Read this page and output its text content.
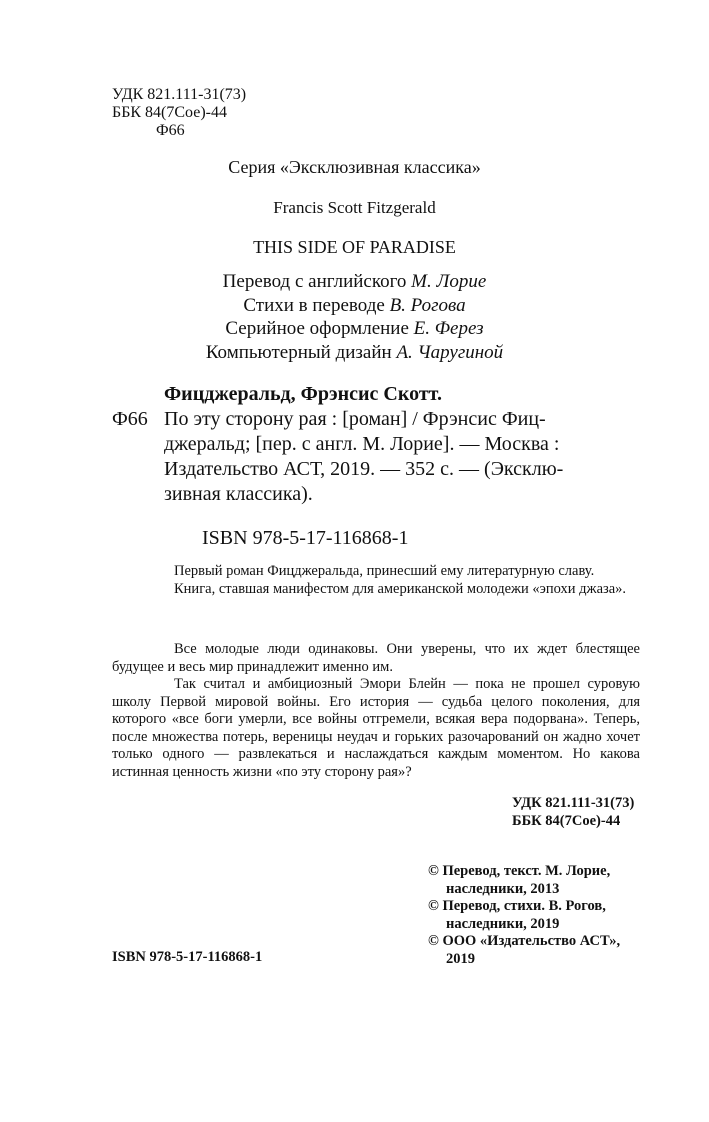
УДК 821.111-31(73)
ББК 84(7Сое)-44
Ф66
Серия «Эксклюзивная классика»
Francis Scott Fitzgerald
THIS SIDE OF PARADISE
Перевод с английского М. Лорие
Стихи в переводе В. Рогова
Серийное оформление Е. Ферез
Компьютерный дизайн А. Чаругиной
Фицджеральд, Фрэнсис Скотт.
Ф66 По эту сторону рая : [роман] / Фрэнсис Фиц-
джеральд; [пер. с англ. М. Лорие]. — Москва :
Издательство АСТ, 2019. — 352 с. — (Эксклю-
зивная классика).
ISBN 978-5-17-116868-1

Первый роман Фицджеральда, принесший ему литературную славу.

Книга, ставшая манифестом для американской молодежи «эпохи джаза».

Все молодые люди одинаковы. Они уверены, что их ждет блестящее будущее и весь мир принадлежит именно им.

Так считал и амбициозный Эмори Блейн — пока не прошел суровую школу Первой мировой войны. Его история — судьба целого поколения, для которого «все боги умерли, все войны отгремели, всякая вера подорвана». Теперь, после множества потерь, вереницы неудач и горьких разочарований он жадно хочет только одного — развлекаться и наслаждаться каждым моментом. Но какова истинная ценность жизни «по эту сторону рая»?

УДК 821.111-31(73)
ББК 84(7Сое)-44
© Перевод, текст. М. Лорие,
наследники, 2013
© Перевод, стихи. В. Рогов,
наследники, 2019
© ООО «Издательство АСТ»,
2019
ISBN 978-5-17-116868-1
